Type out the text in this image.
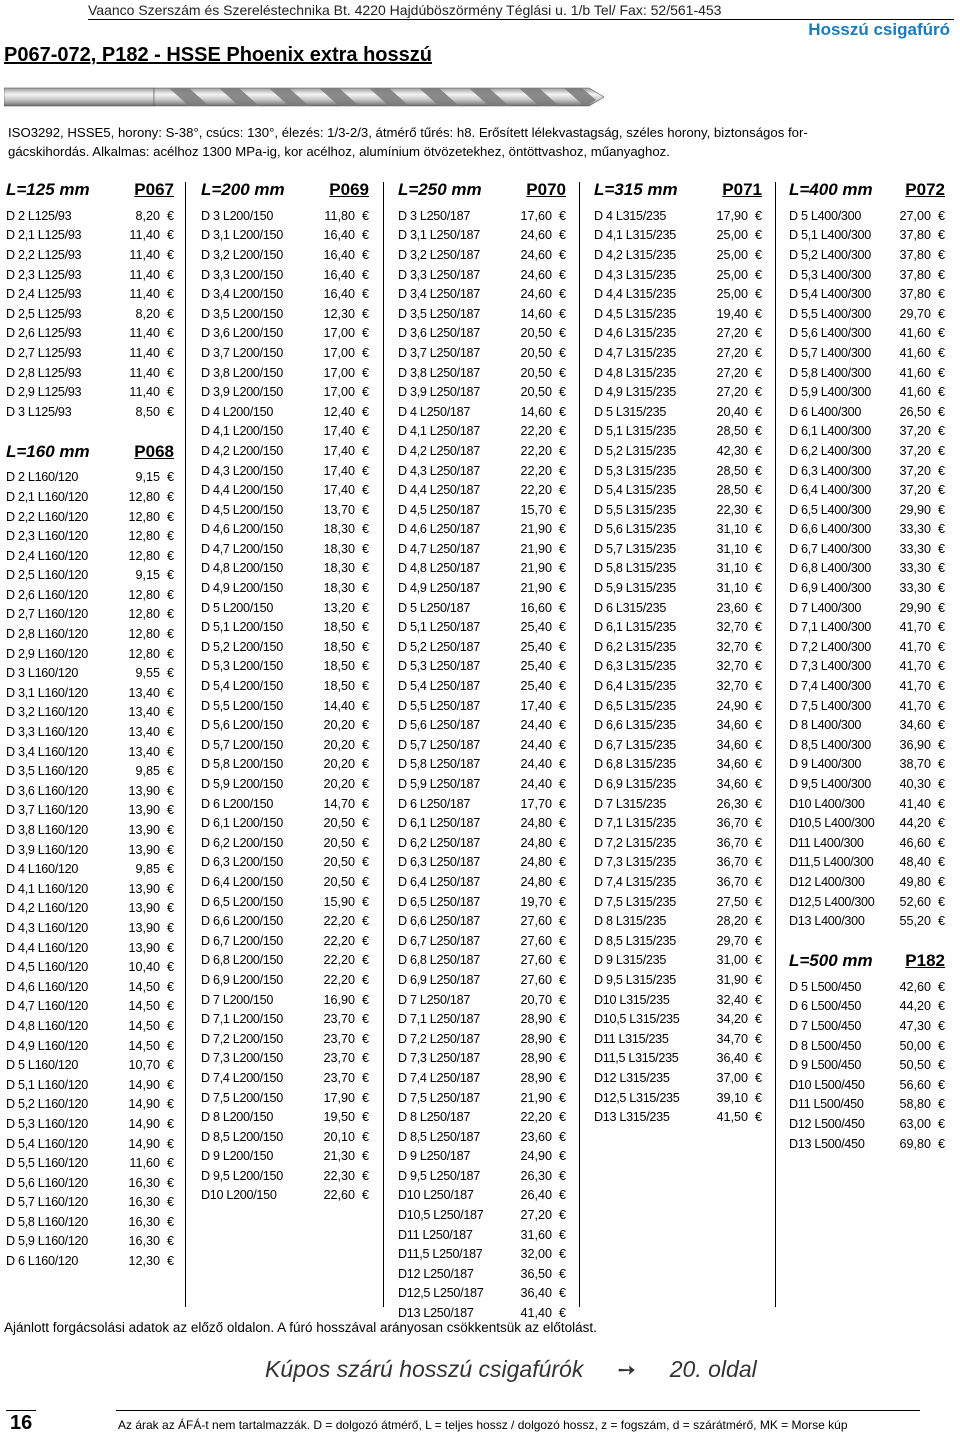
Vaanco Szerszám és Szereléstechnika Bt. 4220 Hajdúböszörmény Téglási u. 1/b Tel/ Fax: 52/561-453
Hosszú csigafúró
P067-072, P182 - HSSE Phoenix extra hosszú
ISO3292, HSSE5, horony: S-38°, csúcs: 130°, élezés: 1/3-2/3, átmérő tűrés: h8. Erősített lélekvastagság, széles horony, biztonságos for-
gácskihordás. Alkalmas: acélhoz 1300 MPa-ig, kor acélhoz, alumínium ötvözetekhez, öntöttvashoz, műanyaghoz.
L=125 mm	P067
D 2 L125/93	8,20 €
D 2,1 L125/93	11,40 €
D 2,2 L125/93	11,40 €
D 2,3 L125/93	11,40 €
D 2,4 L125/93	11,40 €
D 2,5 L125/93	8,20 €
D 2,6 L125/93	11,40 €
D 2,7 L125/93	11,40 €
D 2,8 L125/93	11,40 €
D 2,9 L125/93	11,40 €
D 3 L125/93	8,50 €
L=160 mm	P068
D 2 L160/120	9,15 €
D 2,1 L160/120	12,80 €
D 2,2 L160/120	12,80 €
D 2,3 L160/120	12,80 €
D 2,4 L160/120	12,80 €
D 2,5 L160/120	9,15 €
D 2,6 L160/120	12,80 €
D 2,7 L160/120	12,80 €
D 2,8 L160/120	12,80 €
D 2,9 L160/120	12,80 €
D 3 L160/120	9,55 €
D 3,1 L160/120	13,40 €
D 3,2 L160/120	13,40 €
D 3,3 L160/120	13,40 €
D 3,4 L160/120	13,40 €
D 3,5 L160/120	9,85 €
D 3,6 L160/120	13,90 €
D 3,7 L160/120	13,90 €
D 3,8 L160/120	13,90 €
D 3,9 L160/120	13,90 €
D 4 L160/120	9,85 €
D 4,1 L160/120	13,90 €
D 4,2 L160/120	13,90 €
D 4,3 L160/120	13,90 €
D 4,4 L160/120	13,90 €
D 4,5 L160/120	10,40 €
D 4,6 L160/120	14,50 €
D 4,7 L160/120	14,50 €
D 4,8 L160/120	14,50 €
D 4,9 L160/120	14,50 €
D 5 L160/120	10,70 €
D 5,1 L160/120	14,90 €
D 5,2 L160/120	14,90 €
D 5,3 L160/120	14,90 €
D 5,4 L160/120	14,90 €
D 5,5 L160/120	11,60 €
D 5,6 L160/120	16,30 €
D 5,7 L160/120	16,30 €
D 5,8 L160/120	16,30 €
D 5,9 L160/120	16,30 €
D 6 L160/120	12,30 €
L=200 mm	P069
D 3 L200/150	11,80 €
D 3,1 L200/150	16,40 €
D 3,2 L200/150	16,40 €
D 3,3 L200/150	16,40 €
D 3,4 L200/150	16,40 €
D 3,5 L200/150	12,30 €
D 3,6 L200/150	17,00 €
D 3,7 L200/150	17,00 €
D 3,8 L200/150	17,00 €
D 3,9 L200/150	17,00 €
D 4 L200/150	12,40 €
D 4,1 L200/150	17,40 €
D 4,2 L200/150	17,40 €
D 4,3 L200/150	17,40 €
D 4,4 L200/150	17,40 €
D 4,5 L200/150	13,70 €
D 4,6 L200/150	18,30 €
D 4,7 L200/150	18,30 €
D 4,8 L200/150	18,30 €
D 4,9 L200/150	18,30 €
D 5 L200/150	13,20 €
D 5,1 L200/150	18,50 €
D 5,2 L200/150	18,50 €
D 5,3 L200/150	18,50 €
D 5,4 L200/150	18,50 €
D 5,5 L200/150	14,40 €
D 5,6 L200/150	20,20 €
D 5,7 L200/150	20,20 €
D 5,8 L200/150	20,20 €
D 5,9 L200/150	20,20 €
D 6 L200/150	14,70 €
D 6,1 L200/150	20,50 €
D 6,2 L200/150	20,50 €
D 6,3 L200/150	20,50 €
D 6,4 L200/150	20,50 €
D 6,5 L200/150	15,90 €
D 6,6 L200/150	22,20 €
D 6,7 L200/150	22,20 €
D 6,8 L200/150	22,20 €
D 6,9 L200/150	22,20 €
D 7 L200/150	16,90 €
D 7,1 L200/150	23,70 €
D 7,2 L200/150	23,70 €
D 7,3 L200/150	23,70 €
D 7,4 L200/150	23,70 €
D 7,5 L200/150	17,90 €
D 8 L200/150	19,50 €
D 8,5 L200/150	20,10 €
D 9 L200/150	21,30 €
D 9,5 L200/150	22,30 €
D10 L200/150	22,60 €
L=250 mm	P070
D 3 L250/187	17,60 €
D 3,1 L250/187	24,60 €
D 3,2 L250/187	24,60 €
D 3,3 L250/187	24,60 €
D 3,4 L250/187	24,60 €
D 3,5 L250/187	14,60 €
D 3,6 L250/187	20,50 €
D 3,7 L250/187	20,50 €
D 3,8 L250/187	20,50 €
D 3,9 L250/187	20,50 €
D 4 L250/187	14,60 €
D 4,1 L250/187	22,20 €
D 4,2 L250/187	22,20 €
D 4,3 L250/187	22,20 €
D 4,4 L250/187	22,20 €
D 4,5 L250/187	15,70 €
D 4,6 L250/187	21,90 €
D 4,7 L250/187	21,90 €
D 4,8 L250/187	21,90 €
D 4,9 L250/187	21,90 €
D 5 L250/187	16,60 €
D 5,1 L250/187	25,40 €
D 5,2 L250/187	25,40 €
D 5,3 L250/187	25,40 €
D 5,4 L250/187	25,40 €
D 5,5 L250/187	17,40 €
D 5,6 L250/187	24,40 €
D 5,7 L250/187	24,40 €
D 5,8 L250/187	24,40 €
D 5,9 L250/187	24,40 €
D 6 L250/187	17,70 €
D 6,1 L250/187	24,80 €
D 6,2 L250/187	24,80 €
D 6,3 L250/187	24,80 €
D 6,4 L250/187	24,80 €
D 6,5 L250/187	19,70 €
D 6,6 L250/187	27,60 €
D 6,7 L250/187	27,60 €
D 6,8 L250/187	27,60 €
D 6,9 L250/187	27,60 €
D 7 L250/187	20,70 €
D 7,1 L250/187	28,90 €
D 7,2 L250/187	28,90 €
D 7,3 L250/187	28,90 €
D 7,4 L250/187	28,90 €
D 7,5 L250/187	21,90 €
D 8 L250/187	22,20 €
D 8,5 L250/187	23,60 €
D 9 L250/187	24,90 €
D 9,5 L250/187	26,30 €
D10 L250/187	26,40 €
D10,5 L250/187	27,20 €
D11 L250/187	31,60 €
D11,5 L250/187	32,00 €
D12 L250/187	36,50 €
D12,5 L250/187	36,40 €
D13 L250/187	41,40 €
L=315 mm	P071
D 4 L315/235	17,90 €
D 4,1 L315/235	25,00 €
D 4,2 L315/235	25,00 €
D 4,3 L315/235	25,00 €
D 4,4 L315/235	25,00 €
D 4,5 L315/235	19,40 €
D 4,6 L315/235	27,20 €
D 4,7 L315/235	27,20 €
D 4,8 L315/235	27,20 €
D 4,9 L315/235	27,20 €
D 5 L315/235	20,40 €
D 5,1 L315/235	28,50 €
D 5,2 L315/235	42,30 €
D 5,3 L315/235	28,50 €
D 5,4 L315/235	28,50 €
D 5,5 L315/235	22,30 €
D 5,6 L315/235	31,10 €
D 5,7 L315/235	31,10 €
D 5,8 L315/235	31,10 €
D 5,9 L315/235	31,10 €
D 6 L315/235	23,60 €
D 6,1 L315/235	32,70 €
D 6,2 L315/235	32,70 €
D 6,3 L315/235	32,70 €
D 6,4 L315/235	32,70 €
D 6,5 L315/235	24,90 €
D 6,6 L315/235	34,60 €
D 6,7 L315/235	34,60 €
D 6,8 L315/235	34,60 €
D 6,9 L315/235	34,60 €
D 7 L315/235	26,30 €
D 7,1 L315/235	36,70 €
D 7,2 L315/235	36,70 €
D 7,3 L315/235	36,70 €
D 7,4 L315/235	36,70 €
D 7,5 L315/235	27,50 €
D 8 L315/235	28,20 €
D 8,5 L315/235	29,70 €
D 9 L315/235	31,00 €
D 9,5 L315/235	31,90 €
D10 L315/235	32,40 €
D10,5 L315/235	34,20 €
D11 L315/235	34,70 €
D11,5 L315/235	36,40 €
D12 L315/235	37,00 €
D12,5 L315/235	39,10 €
D13 L315/235	41,50 €
L=400 mm P072
D 5 L400/300	27,00 €
D 5,1 L400/300	37,80 €
D 5,2 L400/300	37,80 €
D 5,3 L400/300	37,80 €
D 5,4 L400/300	37,80 €
D 5,5 L400/300	29,70 €
D 5,6 L400/300	41,60 €
D 5,7 L400/300	41,60 €
D 5,8 L400/300	41,60 €
D 5,9 L400/300	41,60 €
D 6 L400/300	26,50 €
D 6,1 L400/300	37,20 €
D 6,2 L400/300	37,20 €
D 6,3 L400/300	37,20 €
D 6,4 L400/300	37,20 €
D 6,5 L400/300	29,90 €
D 6,6 L400/300	33,30 €
D 6,7 L400/300	33,30 €
D 6,8 L400/300	33,30 €
D 6,9 L400/300	33,30 €
D 7 L400/300	29,90 €
D 7,1 L400/300	41,70 €
D 7,2 L400/300	41,70 €
D 7,3 L400/300	41,70 €
D 7,4 L400/300	41,70 €
D 7,5 L400/300	41,70 €
D 8 L400/300	34,60 €
D 8,5 L400/300	36,90 €
D 9 L400/300	38,70 €
D 9,5 L400/300	40,30 €
D10 L400/300	41,40 €
D10,5 L400/300	44,20 €
D11 L400/300	46,60 €
D11,5 L400/300	48,40 €
D12 L400/300	49,80 €
D12,5 L400/300	52,60 €
D13 L400/300	55,20 €
L=500 mm P182
D 5 L500/450	42,60 €
D 6 L500/450	44,20 €
D 7 L500/450	47,30 €
D 8 L500/450	50,00 €
D 9 L500/450	50,50 €
D10 L500/450	56,60 €
D11 L500/450	58,80 €
D12 L500/450	63,00 €
D13 L500/450	69,80 €
Ajánlott forgácsolási adatok az előző oldalon. A fúró hosszával arányosan csökkentsük az előtolást.
Kúpos szárú hosszú csigafúrók ➙ 20. oldal
16	Az árak az ÁFÁ-t nem tartalmazzák. D = dolgozó átmérő, L = teljes hossz / dolgozó hossz, z = fogszám, d = szárátmérő, MK = Morse kúp
